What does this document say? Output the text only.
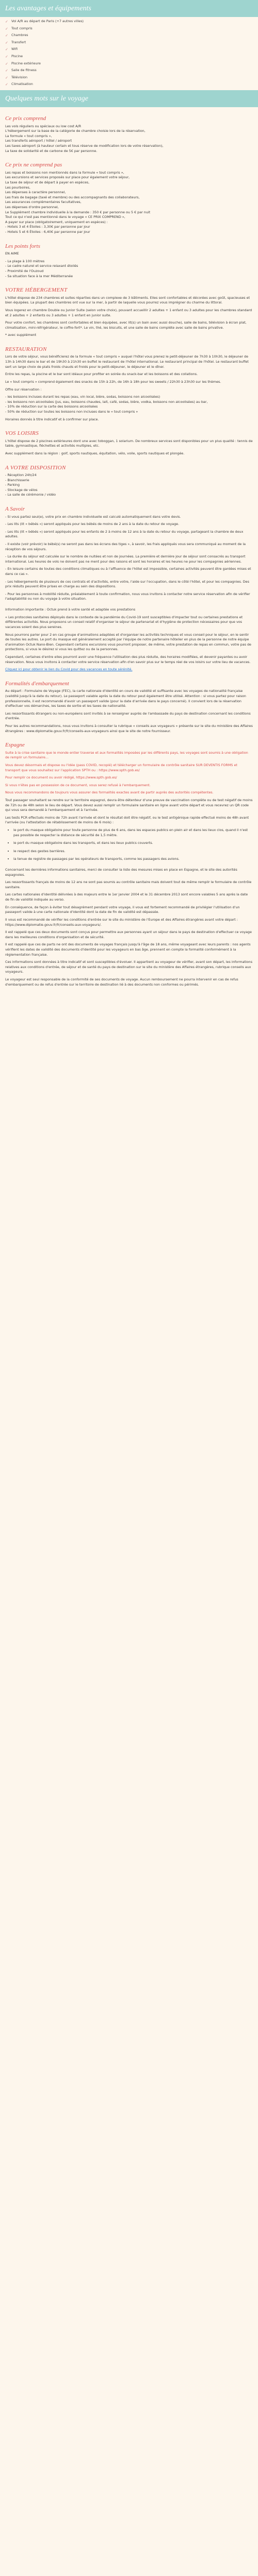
Les avantages et équipements
✓ Vol A/R au départ de Paris (+7 autres villes)
✓ Tout compris
✓ Chambres
✓ Transfert
✓ Wifi
✓ Piscine
✓ Piscine extérieure
✓ Salle de fitness
✓ Télévision
✓ Climatisation
Quelques mots sur le voyage
Ce prix comprend
Les vols réguliers ou spéciaux ou low cost A/R
L'hébergement sur la base de la catégorie de chambre choisie lors de la réservation,
La formule « tout compris »,
Les transferts aéroport / hôtel / aéroport
Les taxes aéroport (à hauteur certain et tous réserve de modification lors de votre réservation),
La taxe de solidarité et de carbone de 5€ par personne.
Ce prix ne comprend pas
Les repas et boissons non mentionnés dans la formule « tout compris »,
Les excursions et services proposés sur place pour également votre séjour,
La taxe de séjour et de départ à payer en espèces,
Les pourboires,
Les dépenses à caractère personnel,
Les frais de bagage (taxé et membre) ou des accompagnants des collaborateurs,
Les assurances complémentaires facultatives,
Les dépenses d'ordre personnel,
Le Supplément chambre individuelle à la demande : 350 € par personne ou 5 € par nuit
Tout ce qui n'est pas mentionné dans le voyage « CE PRIX COMPREND »,
A payer sur place (obligatoirement, uniquement en espèces) :
- Hotels 3 et 4 Étoiles : 3,30€ par personne par jour
- Hotels 5 et 6 Étoiles : 6,40€ par personne par jour
Les points forts

EN AIME

- La plage à 100 mètres
- Le cadre naturel et service relaxant étoilés
- Proximité de l'Ouzoud
- Sa situation face à la mer Méditerranée
VOTRE HÉBERGEMENT

L'hôtel dispose de 234 chambres et suites réparties dans un complexe de 3 bâtiments. Elles sont confortables et décorées avec goût, spacieuses et bien équipées. La plupart des chambres ont vue sur la mer, à partir de laquelle vous pourrez vous imprégner du charme du littoral.

Vous logerez en chambre Double ou Junior Suite (selon votre choix), pouvant accueillir 2 adultes + 1 enfant ou 3 adultes pour les chambres standard et 2 adultes + 2 enfants ou 3 adultes + 1 enfant en junior suite.

Pour votre confort, les chambres sont confortables et bien équipées, avec lit(s) un bain avec aussi douche), salle de bains, télévision à écran plat, climatisation, mini-réfrigérateur, le coffre-fort*. Le vin, thé, les biscuits, et une salle de bains complète avec salle de bains privative.

* avec supplément

RESTAURATION

Lors de votre séjour, vous bénéficierez de la formule « tout compris » auquel l'hôtel vous prenez le petit-déjeuner de 7h30 à 10h30, le déjeuner de 13h à 14h30 dans le bar et de 19h30 à 21h30 en buffet le restaurant de l'hôtel international. Le restaurant principal de l'hôtel. Le restaurant buffet sert un large choix de plats froids chauds et froids pour le petit-déjeuner, le déjeuner et le dîner.

Entre les repas, la piscine et le bar sont idéaux pour profiter en soirée du snack-bar et les boissons et des collations.

Le « tout compris » comprend également des snacks de 15h à 22h, de 16h à 18h pour les sweets / 22h30 à 23h30 sur les thèmes.

Offre sur réservation :

- les boissons incluses durant les repas (eau, vin local, bière, sodas, boissons non alcoolisées)
- les boissons non alcoolisées (jus, eau, boissons chaudes, lait, café, sodas, bière, vodka, boissons non alcoolisées) au bar,
- 10% de réduction sur la carte des boissons alcoolisées
- 50% de réduction sur toutes les boissons non incluses dans le « tout compris »

Horaires donnés à titre indicatif et à confirmer sur place.

VOS LOISIRS

L'hôtel dispose de 2 piscines extérieures dont une avec toboggan, 1 solarium. De nombreux services sont disponibles pour un plus qualité : tennis de table, gymnastique, fléchettes et activités multiples, etc.

Avec supplément dans la région : golf, sports nautiques, équitation, vélo, voile, sports nautiques et plongée.

A VOTRE DISPOSITION
- Réception 24h/24
- Blanchisserie
- Parking
- Stockage de vélos
- La salle de cérémonie / vidéo
A Savoir

- Si vous partez seul(e), votre prix en chambre individuelle est calculé automatiquement dans votre devis.

- Les lits (lit « bébés ») seront appliqués pour les bébés de moins de 2 ans à la date du retour de voyage.

- Les lits (lit « bébés ») seront appliqués pour les enfants de 2 à moins de 12 ans à la date du retour du voyage, partageant la chambre de deux adultes.

- Il existe (voir prévoir) le bébé(s) ne seront pas dans les écrans des tiges », à savoir, les frais appliqués vous sera communiqué au moment de la réception de vos séjours.

- La durée du séjour est calculée sur le nombre de nuitées et non de journées. La première et dernière jour de séjour sont consacrés au transport international. Les heures de vols ne doivent pas ne ment pour des raisons et sont les horaires et les heures ne pour les compagnies aériennes.

- En leisure certains de toutes des conditions climatiques ou à l'affluence de l'hôtel est impossible, certaines activités peuvent être gardées mises et dans ce cas ».

- Les hébergements de plusieurs de ces contrats et d'activités, entre votre, l'aide sur l'occupation, dans le côté l'hôtel, et pour les compagnies. Des prix réduits peuvent être prises en charge au sein des dispositions.

- Pour les personnes à mobilité réduite, préalablement à toute confirmation, nous vous invitons à contacter notre service réservation afin de vérifier l'adaptabilité ou non du voyage à votre situation.

Information importante : Octuk prend à votre santé et adaptée vos prestations

« Les protocoles sanitaires déployés dans le contexte de la pandémie du Covid-19 sont susceptibles d'impacter tout ou certaines prestations et différentes activités. Nous proposons un conseil relatif d'organiser le séjour de partenariat et d'hygiène de protection nécessaires pour que vos vacances soient des plus sereines.

Nous pourrons parler pour 2 en cas groupe d'animations adaptées et d'organiser les activités techniques et vous conseil pour le séjour, en le sentir de toutes les autres. Le port du masque est généralement accepté par l'équipe de notre partenaire hôtelier en plus de la personne de notre équipe d'animation Octuk Nano-Bien. Cependant certains excursions vous pourront proposer, de même, votre prestation de repas en commun, votre pas de protections, si vous le désirez si vous les quittez ou de la personnes.

Cependant, certaines d'entre elles pourront avoir une fréquence l'utilisation des plus réduite, des horaires modifiées, et devenir payantes ou avoir réservation. Nous vous invitons à contacter votre service réservation afin d'en savoir plus sur le temps réel de vos loisirs sur votre lieu de vacances.

Cliquez ici pour obtenir le lien du Covid pour des vacances en toute sérénité.

Formalités d'embarquement

Au départ : Formulaire de Voyage (FEC), la carte nationale d'identité en cours de validité et suffisante avec les voyages de nationalité française (validité jusqu'à la date du retour). Le passeport valable après la date du retour peut également être utilisé. Attention : si vous partez pour raison professionnelle, il est recommandé d'avoir un passeport valide (pour la date d'arrivée dans le pays concerné). Il convient lors de la réservation d'effectuer vos démarches, les taxes de sortie et les taxes de nationalité.

Les ressortissants étrangers ou non-européens sont invités à se renseigner auprès de l'ambassade du pays de destination concernant les conditions d'entrée.

Pour les autres recommandations, nous vous invitons à consulter la rubrique « conseils aux voyageurs » présente sur le site du ministère des Affaires étrangères : www.diplomatie.gouv.fr/fr/conseils-aux-voyageurs ainsi que le site de notre fournisseur.

Espagne

Suite à la crise sanitaire que le monde entier traverse et aux formalités imposées par les différents pays, les voyages sont soumis à une obligation de remplir un formulaire...

Vous devez désormais et dispose ou l'idée (pass COVID, recopié) et télécharger un formulaire de contrôle sanitaire SUR DEVENTIS FORMS et transport que vous souhaitez sur l'application SPTH ou : https://www.spth.gob.es/

Pour remplir ce document ou avoir rédigé, https://www.spth.gob.es/

Si vous n'êtes pas en possession de ce document, vous serez refusé à l'embarquement.

Nous vous recommandons de toujours vous assurer des formalités exactes avant de partir auprès des autorités compétentes.

Tout passager souhaitant se rendre sur le territoire espagnol, devra être détenteur d'une preuve de vaccination complète ou de test négatif de moins de 72h ou de 48h selon le lieu de départ. Vous devez aussi remplir un formulaire sanitaire en ligne avant votre départ et vous recevrez un QR code qui vous sera demandé à l'embarquement et à l'arrivée.

Les tests PCR effectués moins de 72h avant l'arrivée et dont le résultat doit être négatif, ou le test antigénique rapide effectué moins de 48h avant l'arrivée (ou l'attestation de rétablissement de moins de 6 mois) :

• le port du masque obligatoire pour toute personne de plus de 6 ans, dans les espaces publics en plein air et dans les lieux clos, quand il n'est pas possible de respecter la distance de sécurité de 1,5 mètre.
• le port du masque obligatoire dans les transports, et dans les lieux publics couverts.
• le respect des gestes barrières.
• la tenue de registre de passages par les opérateurs de transports, comme les passagers des avions.

Concernant les dernières informations sanitaires, merci de consulter la liste des mesures mises en place en Espagne, et le site des autorités espagnoles.

Les ressortissants français de moins de 12 ans ne sont pas soumis au contrôle sanitaire mais doivent tout de même remplir le formulaire de contrôle sanitaire.

Les cartes nationales d'identité délivrées à des majeurs entre le 1er janvier 2004 et le 31 décembre 2013 sont encore valables 5 ans après la date de fin de validité indiquée au verso.

En conséquence, de façon à éviter tout désagrément pendant votre voyage, il vous est fortement recommandé de privilégier l'utilisation d'un passeport valide à une carte nationale d'identité dont la date de fin de validité est dépassée.

Il vous est recommandé de vérifier les conditions d'entrée sur le site du ministère de l'Europe et des Affaires étrangères avant votre départ : https://www.diplomatie.gouv.fr/fr/conseils-aux-voyageurs/.

Il est rappelé que ces deux documents sont conçus pour permettre aux personnes ayant un séjour dans le pays de destination d'effectuer ce voyage dans les meilleures conditions d'organisation et de sécurité.

Il est rappelé que ces de parts ne ont des documents de voyages français jusqu'à l'âge de 18 ans, même voyageant avec leurs parents : nos agents vérifient les dates de validité des documents d'identité pour les voyageurs en bas âge, prennent en compte la formalité conformément à la réglementation française.

Ces informations sont données à titre indicatif et sont susceptibles d'évoluer. Il appartient au voyageur de vérifier, avant son départ, les informations relatives aux conditions d'entrée, de séjour et de santé du pays de destination sur le site du ministère des Affaires étrangères, rubrique conseils aux voyageurs.

Le voyageur est seul responsable de la conformité de ses documents de voyage. Aucun remboursement ne pourra intervenir en cas de refus d'embarquement ou de refus d'entrée sur le territoire de destination lié à des documents non conformes ou périmés.
